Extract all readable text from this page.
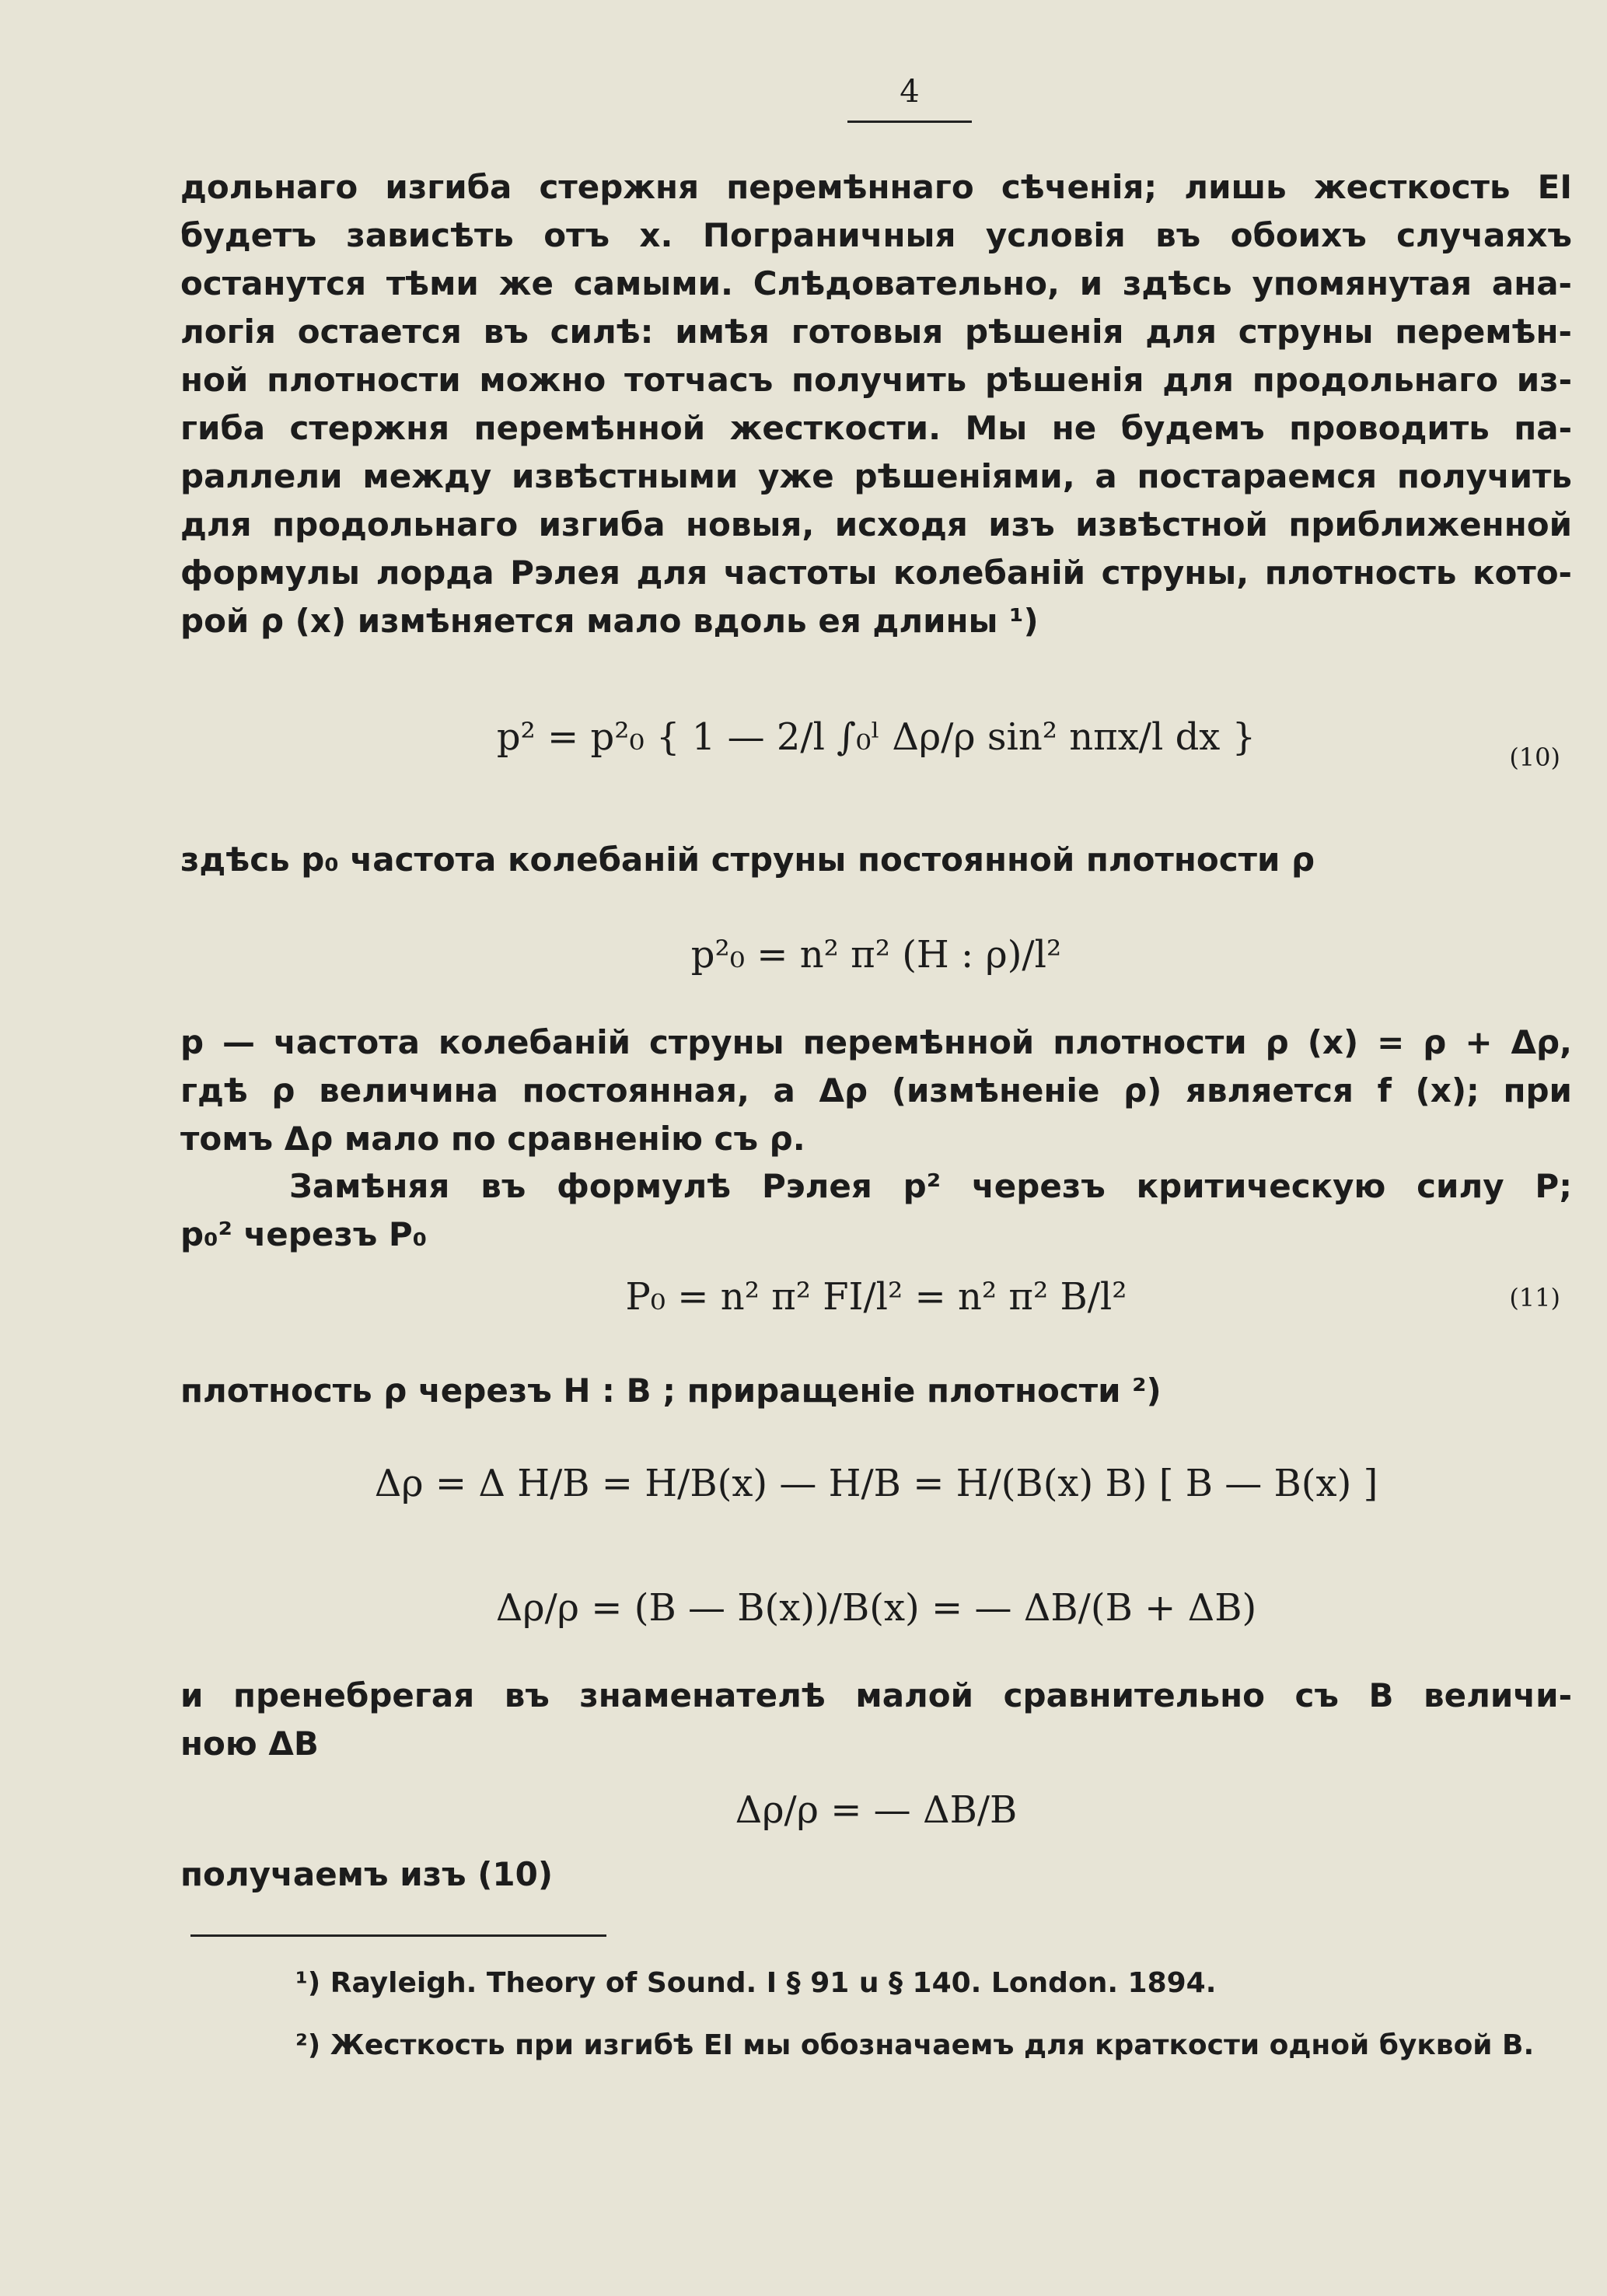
4
дольнаго изгиба стержня перемѣннаго сѣченія; лишь жесткость EI
будетъ зависѣть отъ x. Пограничныя условія въ обоихъ случаяхъ
останутся тѣми же самыми. Слѣдовательно, и здѣсь упомянутая ана-
логія остается въ силѣ: имѣя готовыя рѣшенія для струны перемѣн-
ной плотности можно тотчасъ получить рѣшенія для продольнаго из-
гиба стержня перемѣнной жесткости. Мы не будемъ проводить па-
раллели между извѣстными уже рѣшеніями, а постараемся получить
для продольнаго изгиба новыя, исходя изъ извѣстной приближенной
формулы лорда Рэлея для частоты колебаній струны, плотность кото-
рой ρ (x) измѣняется мало вдоль ея длины ¹)
p² = p²₀ { 1 — 2/l ∫₀ˡ Δρ/ρ sin² nπx/l dx }	(10)
здѣсь p₀ частота колебаній струны постоянной плотности ρ
p²₀ = n² π² (H : ρ)/l²
p — частота колебаній струны перемѣнной плотности ρ (x) = ρ + Δρ,
гдѣ ρ величина постоянная, а Δρ (измѣненіе ρ) является f (x); при
томъ Δρ мало по сравненію съ ρ.
Замѣняя въ формулѣ Рэлея p² черезъ критическую силу P;
p₀² черезъ P₀
P₀ = n² π² FI/l² = n² π² B/l²	(11)
плотность ρ черезъ H : B ; приращеніе плотности ²)
Δρ = Δ H/B = H/B(x) — H/B = H/(B(x) B) [ B — B(x) ]
Δρ/ρ = (B — B(x))/B(x) = — ΔB/(B + ΔB)
и пренебрегая въ знаменателѣ малой сравнительно съ B величи-
ною ΔB
Δρ/ρ = — ΔB/B
получаемъ изъ (10)
¹) Rayleigh. Theory of Sound. I § 91 u § 140. London. 1894.
²) Жесткость при изгибѣ EI мы обозначаемъ для краткости одной буквой B.
